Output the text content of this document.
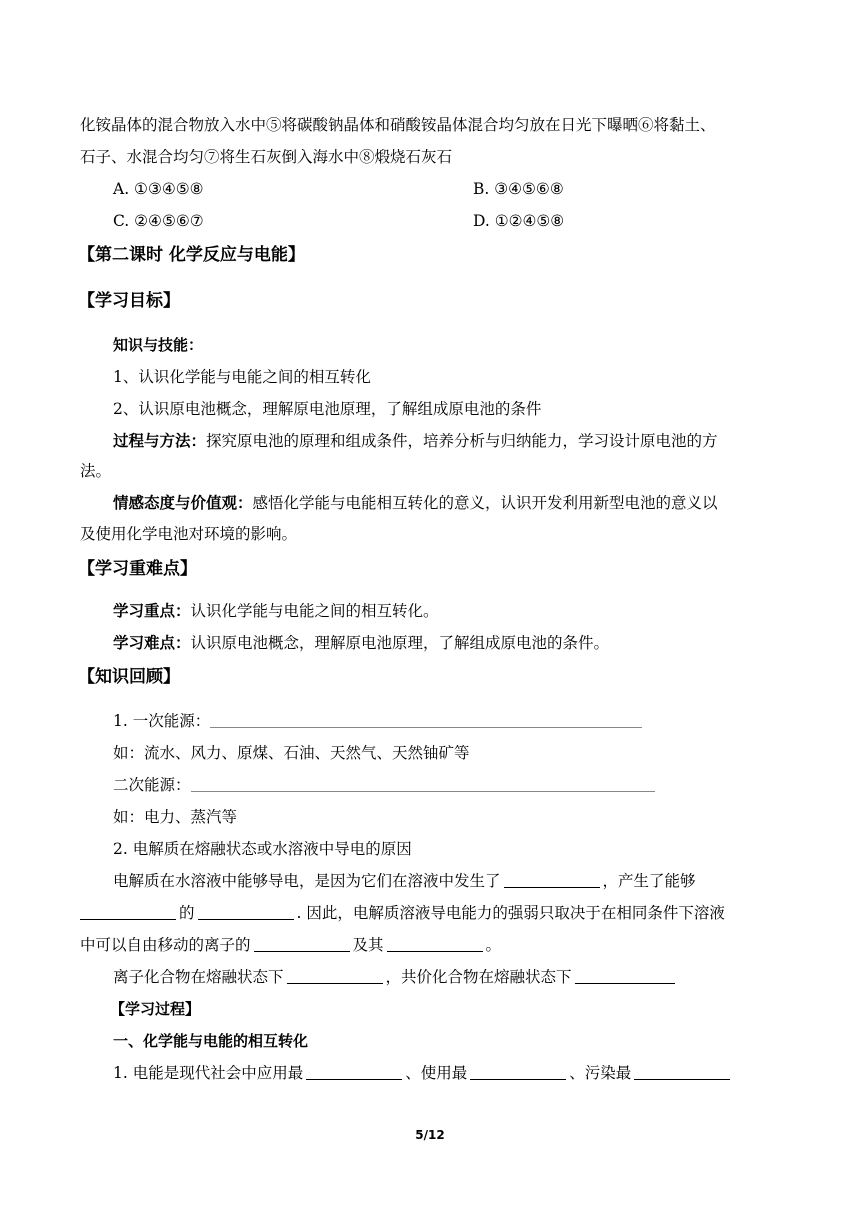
化铵晶体的混合物放入水中⑤将碳酸钠晶体和硝酸铵晶体混合均匀放在日光下曝晒⑥将黏土、
石子、水混合均匀⑦将生石灰倒入海水中⑧煅烧石灰石
A. ①③④⑤⑧	B. ③④⑤⑥⑧
C. ②④⑤⑥⑦	D. ①②④⑤⑧
【第二课时 化学反应与电能】
【学习目标】
知识与技能：
1、认识化学能与电能之间的相互转化
2、认识原电池概念，理解原电池原理，了解组成原电池的条件
过程与方法：探究原电池的原理和组成条件，培养分析与归纳能力，学习设计原电池的方
法。
情感态度与价值观：感悟化学能与电能相互转化的意义，认识开发利用新型电池的意义以
及使用化学电池对环境的影响。
【学习重难点】
学习重点：认识化学能与电能之间的相互转化。
学习难点：认识原电池概念，理解原电池原理，了解组成原电池的条件。
【知识回顾】
1. 一次能源：
如：流水、风力、原煤、石油、天然气、天然铀矿等
二次能源：
如：电力、蒸汽等
2. 电解质在熔融状态或水溶液中导电的原因
电解质在水溶液中能够导电，是因为它们在溶液中发生了	，产生了能够
的	. 因此，电解质溶液导电能力的强弱只取决于在相同条件下溶液
中可以自由移动的离子的	及其	。
离子化合物在熔融状态下	，共价化合物在熔融状态下
【学习过程】
一、化学能与电能的相互转化
1. 电能是现代社会中应用最	、使用最	、污染最
5/12
